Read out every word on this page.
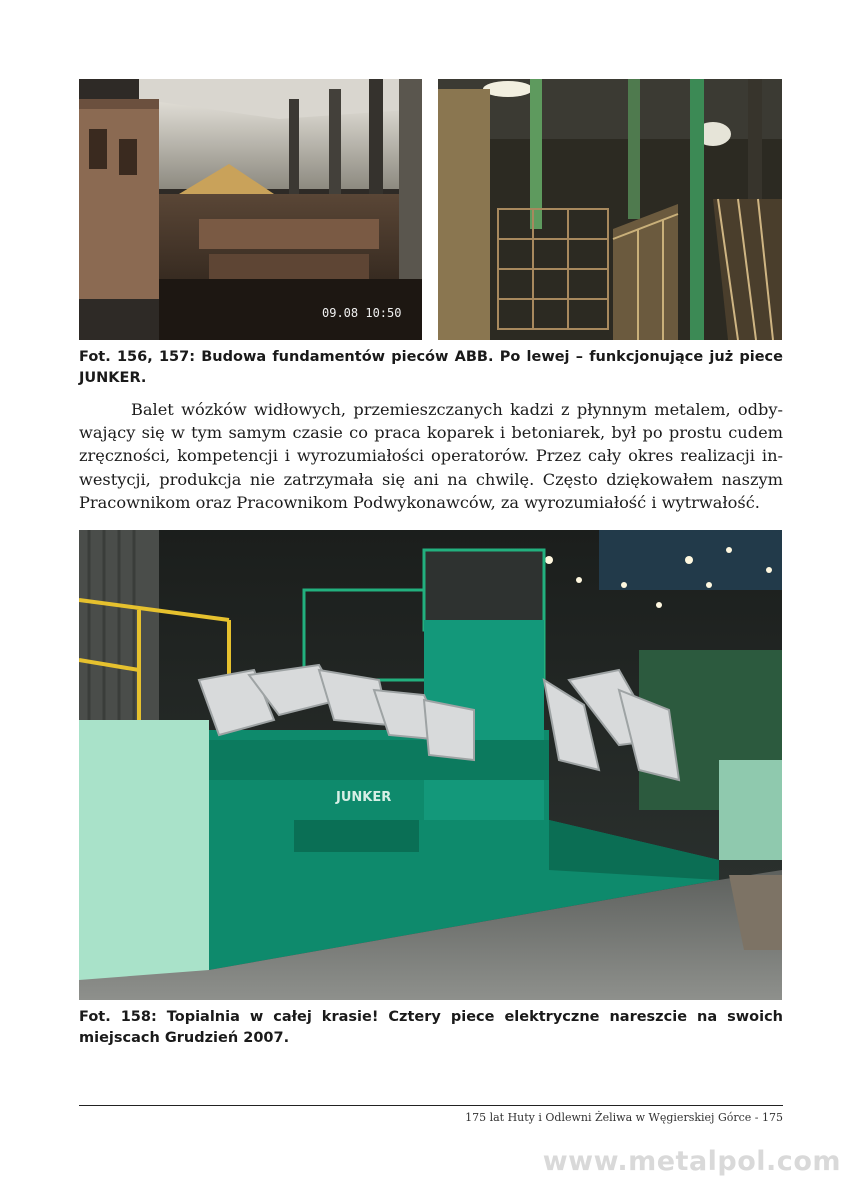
09.08 10:50
Fot. 156, 157: Budowa fundamentów pieców ABB. Po lewej – funkcjonujące już piece JUNKER.
Balet wózków widłowych, przemieszczanych kadzi z płynnym metalem, odby-
wający się w tym samym czasie co praca koparek i betoniarek, był po prostu cudem
zręczności, kompetencji i wyrozumiałości operatorów. Przez cały okres realizacji in-
westycji, produkcja nie zatrzymała się ani na chwilę. Często dziękowałem naszym
Pracownikom oraz Pracownikom Podwykonawców, za wyrozumiałość i wytrwałość.
JUNKER
Fot. 158: Topialnia w całej krasie! Cztery piece elektryczne nareszcie na swoich miejscach Grudzień 2007.
175 lat Huty i Odlewni Żeliwa w Węgierskiej Górce - 175
www.metalpol.com
